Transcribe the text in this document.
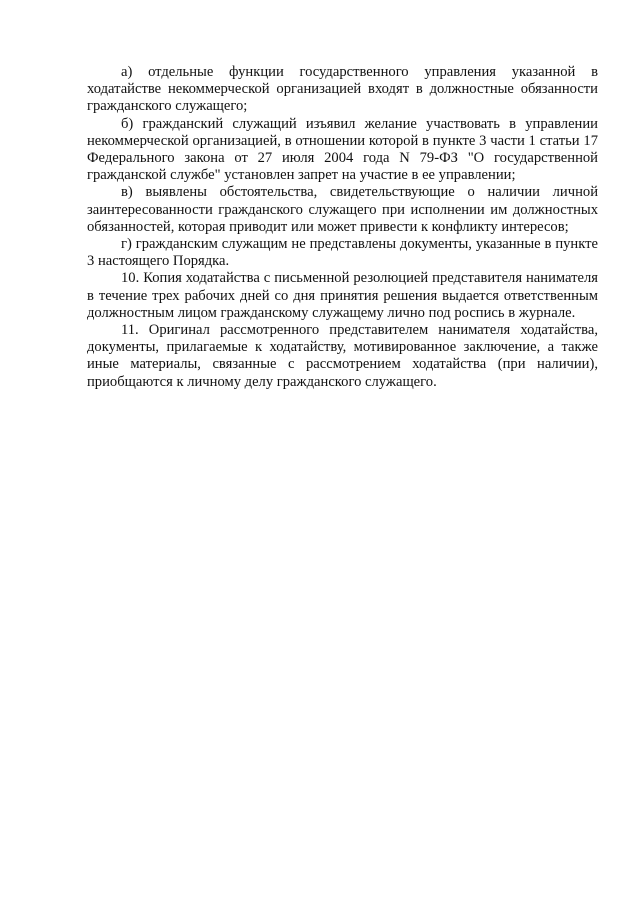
а) отдельные функции государственного управления указанной в ходатайстве некоммерческой организацией входят в должностные обязанности гражданского служащего;

б) гражданский служащий изъявил желание участвовать в управлении некоммерческой организацией, в отношении которой в пункте 3 части 1 статьи 17 Федерального закона от 27 июля 2004 года N 79-ФЗ "О государственной гражданской службе" установлен запрет на участие в ее управлении;

в) выявлены обстоятельства, свидетельствующие о наличии личной заинтересованности гражданского служащего при исполнении им должностных обязанностей, которая приводит или может привести к конфликту интересов;

г) гражданским служащим не представлены документы, указанные в пункте 3 настоящего Порядка.

10. Копия ходатайства с письменной резолюцией представителя нанимателя в течение трех рабочих дней со дня принятия решения выдается ответственным должностным лицом гражданскому служащему лично под роспись в журнале.

11. Оригинал рассмотренного представителем нанимателя ходатайства, документы, прилагаемые к ходатайству, мотивированное заключение, а также иные материалы, связанные с рассмотрением ходатайства (при наличии), приобщаются к личному делу гражданского служащего.
